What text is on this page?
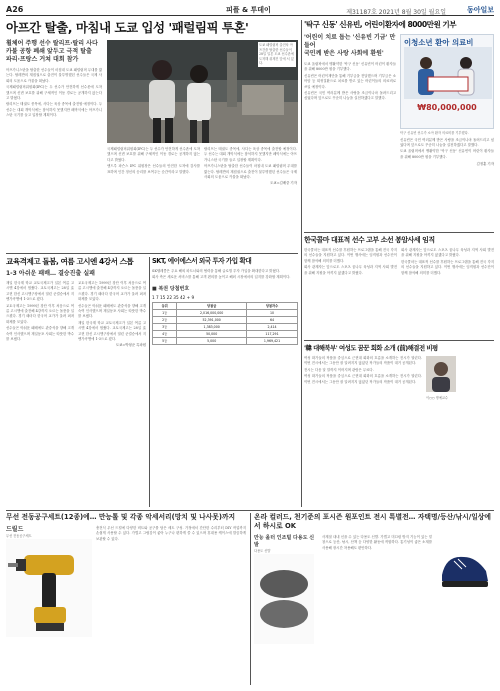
A26	피플 & 투데이	제31187호 2021년 8월 30일 월요일	동아일보
아프간 탈출, 마침내 도쿄 입성 '패럴림픽 투혼'
휠체어 주행 선수 랄리프·랄리 사다
카불 공항 폐쇄 앞두고 극적 탈출
파리·프랑스 거쳐 대회 참가

아프가니스탄을 탈출한 선수들이 마침내 도쿄 패럴림픽 무대를 밟는다. 탈레반의 재집권으로 출전이 불투명했던 선수들은 국제 사회의 도움으로 카불을 떠났다.

국제패럴림픽위원회(IPC)는 두 선수가 안전하게 선수촌에 도착했으며 신변 보호를 위해 구체적인 이동 경로는 공개하지 않는다고 밝혔다.

랄리프는 태권도 종목에, 사다는 육상 종목에 출전할 예정이다. 두 선수는 대회 개막식에는 참석하지 못했지만 폐막식에는 아프가니스탄 국기를 들고 입장할 계획이다.

도쿄 패럴림픽 출전차 아프간을 탈출한 선수들이 28일 일본 도쿄 선수촌에 도착해 취재진 앞에 서 있다.

국제패럴림픽위원회(IPC)는 두 선수가 안전하게 선수촌에 도착했으며 신변 보호를 위해 구체적인 이동 경로는 공개하지 않는다고 밝혔다.

앤드루 파슨스 IPC 위원장은 선수들의 안전한 도착에 감사를 표하며 인간 정신의 승리를 보여주는 순간이라고 말했다.

랄리프는 태권도 종목에, 사다는 육상 종목에 출전할 예정이다. 두 선수는 대회 개막식에는 참석하지 못했지만 폐막식에는 아프가니스탄 국기를 들고 입장할 계획이다.

아프가니스탄을 탈출한 선수들이 마침내 도쿄 패럴림픽 무대를 밟는다. 탈레반의 재집권으로 출전이 불투명했던 선수들은 국제 사회의 도움으로 카불을 떠났다.

도쿄=김배중 기자
'탁구 신동' 신유빈, 어린이환자에 8000만원 기부
'어린이 치료 돕는 '신유빈 기금' 만들어
국민께 받은 사랑 사회에 환원'

도쿄 올림픽에서 맹활약한 '탁구 신동' 신유빈이 어린이 환자들을 위해 8000만 원을 기부했다.

신유빈은 어린이재단을 통해 기부금을 전달했으며 기부금은 소아암 등 희귀질환으로 치료를 받고 있는 어린이들의 의료비로 쓰일 예정이다.

신유빈은 국민 여러분께 받은 사랑을 조금이나마 돌려드리고 싶었다며 앞으로도 꾸준히 나눔을 실천하겠다고 말했다.

이청소년 환아 의료비
₩80,000,000
탁구 신유빈 선수가 소아 환자 의료비를 기부했다.

신유빈은 국민 여러분께 받은 사랑을 조금이나마 돌려드리고 싶었다며 앞으로도 꾸준히 나눔을 실천하겠다고 말했다.

도쿄 올림픽에서 맹활약한 '탁구 신동' 신유빈이 어린이 환자들을 위해 8000만 원을 기부했다.

김정훈 기자
한국콜마 대표적 선수 고부 소선 봉암사세 임직

한국콜마는 대표적 선수를 후원하는 프로그램을 통해 전국 각지의 선수들을 지원하고 있다. 이번 행사에는 임직원과 선수단이 함께 참석해 의미를 더했다.

회사 관계자는 앞으로도 스포츠 꿈나무 육성과 지역 사회 발전을 위해 지원을 아끼지 않겠다고 밝혔다.

회사 관계자는 앞으로도 스포츠 꿈나무 육성과 지역 사회 발전을 위해 지원을 아끼지 않겠다고 밝혔다.

한국콜마는 대표적 선수를 후원하는 프로그램을 통해 전국 각지의 선수들을 지원하고 있다. 이번 행사에는 임직원과 선수단이 함께 참석해 의미를 더했다.

교육격제고 돌봄, 여름 고시엔 4강서 스톱
1-3 아쉬운 패배… 결승진출 실패

재일 한국계 학교 교토국제고가 일본 여름 고시엔 4강에서 멈췄다. 교토국제고는 28일 효고현 한신 고시엔구장에서 열린 준결승에서 지벤가쿠엔에 1-3으로 졌다.

교토국제고는 1999년 창단 이후 처음으로 여름 고시엔에 출전해 4강까지 오르는 돌풍을 일으켰다. 경기 때마다 한국어 교가가 울려 퍼져 화제를 모았다.

선수들은 아쉬운 패배에도 관중석을 향해 고개 숙여 인사했으며 재일동포 사회는 따뜻한 박수를 보냈다.

교토국제고는 1999년 창단 이후 처음으로 여름 고시엔에 출전해 4강까지 오르는 돌풍을 일으켰다. 경기 때마다 한국어 교가가 울려 퍼져 화제를 모았다.

선수들은 아쉬운 패배에도 관중석을 향해 고개 숙여 인사했으며 재일동포 사회는 따뜻한 박수를 보냈다.

재일 한국계 학교 교토국제고가 일본 여름 고시엔 4강에서 멈췄다. 교토국제고는 28일 효고현 한신 고시엔구장에서 열린 준결승에서 지벤가쿠엔에 1-3으로 졌다.

도쿄=박형준 특파원
SKT, 에이에스서 외국 투자 가입 확대

SK텔레콤은 주요 해외 파트너와의 협력을 통해 글로벌 투자 가입을 확대한다고 밝혔다.

회사 측은 새로운 서비스를 통해 고객 편의를 높이고 해외 시장에서의 입지를 강화할 계획이다.

■ 복권 당첨번호
1 7 15 22 35 42 + 9
등위	당첨금	당첨자수
1등	2,016,000,000	10
2등	52,391,000	64
3등	1,383,000	2,414
4등	50,000	117,291
5등	5,000	1,969,421
'韓 대해북부' 여성도 꿈꾼 회화 소개 (前)해결전 비평

여성 화가들의 작품을 중심으로 근현대 회화의 흐름을 소개하는 전시가 열린다. 이번 전시에서는 그동안 잘 알려지지 않았던 작가들의 작품이 대거 공개된다.

전시는 다음 달 말까지 이어지며 관람은 무료다.

여성 화가들의 작품을 중심으로 근현대 회화의 흐름을 소개하는 전시가 열린다. 이번 전시에서는 그동안 잘 알려지지 않았던 작가들의 작품이 대거 공개된다.

이○○ 명예교수
무선 전동공구세트(12종)에… 만능톨 및 각종 악세서리(망치 및 나사못)까지
드릴드
무선 전동공구세트
충전식 무선 드릴에 다양한 비트와 공구를 담은 세트 구성. 가정에서 간단한 수리부터 DIY 작업까지 손쉽게 사용할 수 있다. 가볍고 그립감이 좋아 누구나 편하게 쓸 수 있으며 휴대용 케이스에 깔끔하게 보관할 수 있다.
온라 컬러드, 천기준의 포시즌 원포인트 전시 특별전… 자택명/등산/낚시/일상에서 하시로 OK
만능 올터 인조털 다용도 신발
다용도 신발
사계절 내내 신을 수 있는 다용도 신발. 가볍고 미끄럼 방지 기능이 있는 밑창으로 등산, 낚시, 산책 등 다양한 활동에 적합하다. 통기성이 좋은 소재를 사용해 장시간 착용해도 편안하다.
